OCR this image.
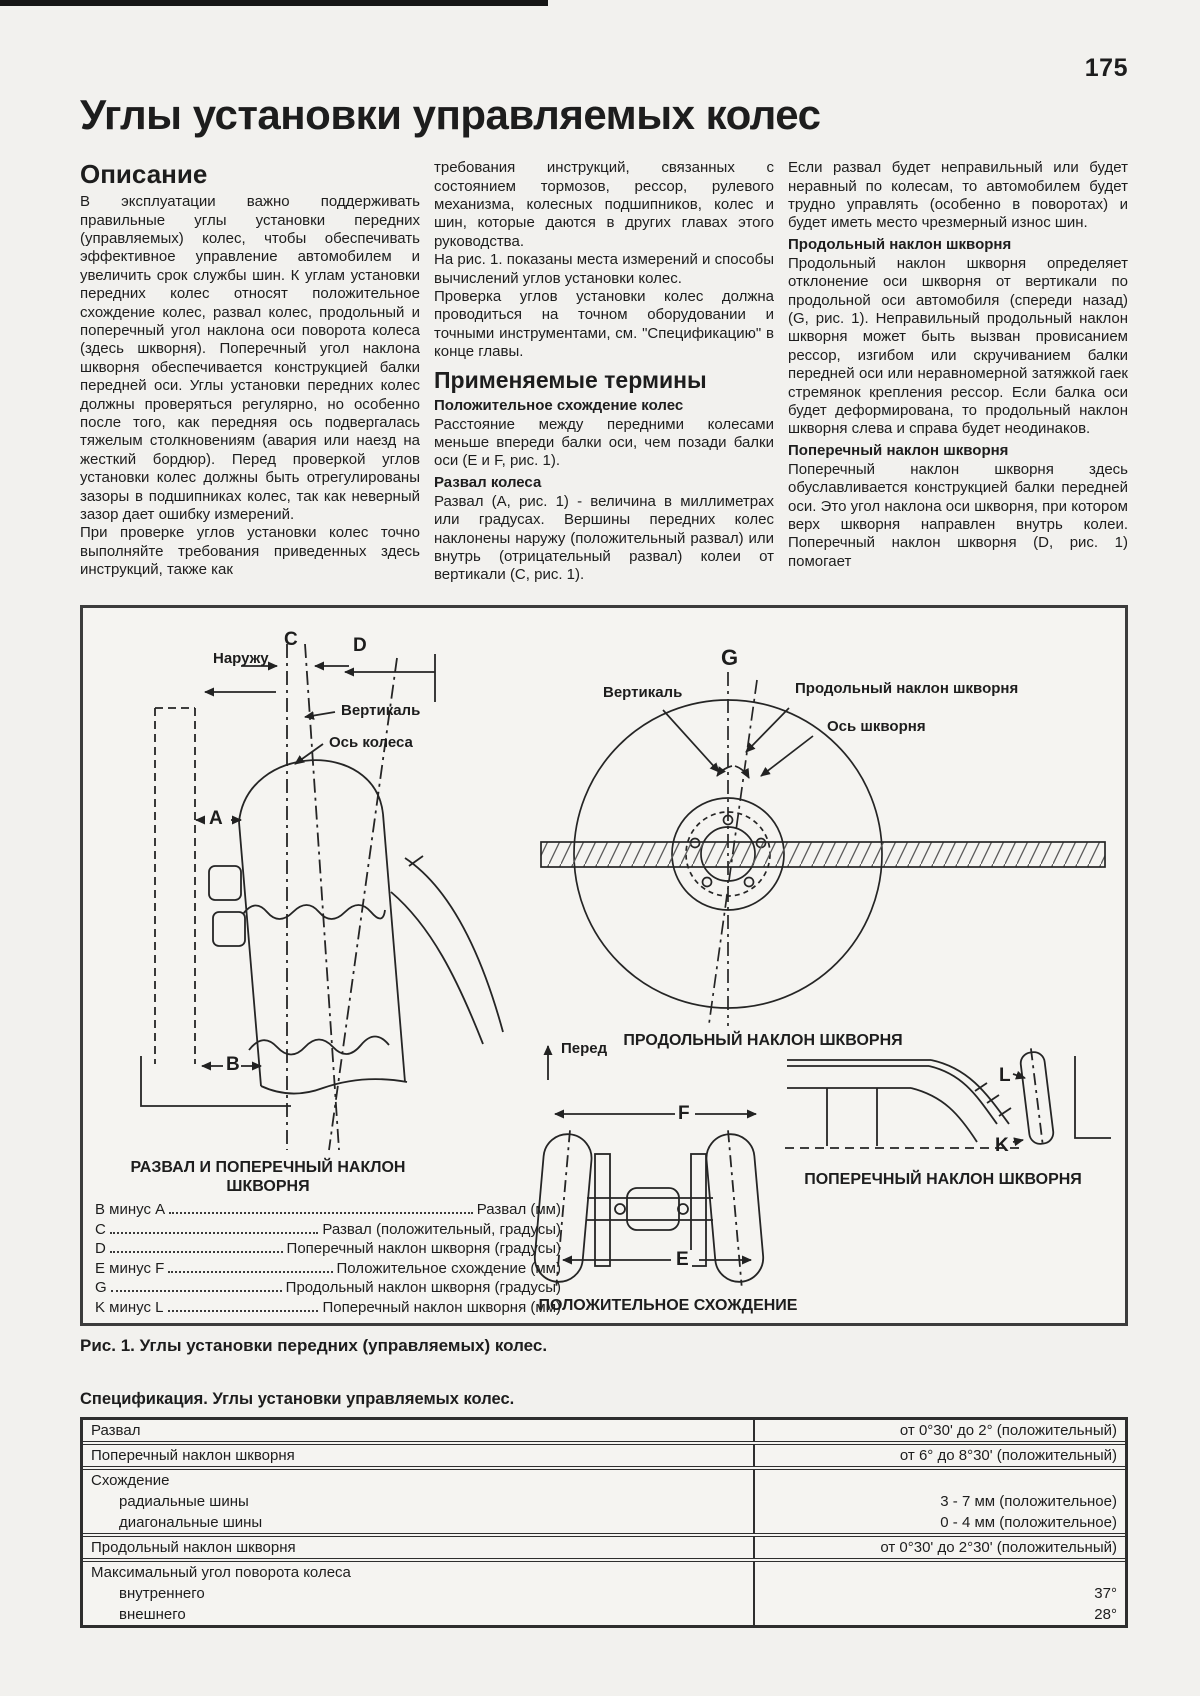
175
Углы установки управляемых колес
Описание

В эксплуатации важно поддерживать правильные углы установки передних (управляемых) колес, чтобы обеспечивать эффективное управление автомобилем и увеличить срок службы шин. К углам установки передних колес относят положительное схождение колес, развал колес, продольный и поперечный угол наклона оси поворота колеса (здесь шкворня). Поперечный угол наклона шкворня обеспечивается конструкцией балки передней оси. Углы установки передних колес должны проверяться регулярно, но особенно после того, как передняя ось подвергалась тяжелым столкновениям (авария или наезд на жесткий бордюр). Перед проверкой углов установки колес должны быть отрегулированы зазоры в подшипниках колес, так как неверный зазор дает ошибку измерений.

При проверке углов установки колес точно выполняйте требования приведенных здесь инструкций, также как

требования инструкций, связанных с состоянием тормозов, рессор, рулевого механизма, колесных подшипников, колес и шин, которые даются в других главах этого руководства.

На рис. 1. показаны места измерений и способы вычислений углов установки колес.

Проверка углов установки колес должна проводиться на точном оборудовании и точными инструментами, см. "Спецификацию" в конце главы.

Применяемые термины
Положительное схождение колес

Расстояние между передними колесами меньше впереди балки оси, чем позади балки оси (E и F, рис. 1).

Развал колеса

Развал (A, рис. 1) - величина в миллиметрах или градусах. Вершины передних колес наклонены наружу (положительный развал) или внутрь (отрицательный развал) колеи от вертикали (C, рис. 1).

Если развал будет неправильный или будет неравный по колесам, то автомобилем будет трудно управлять (особенно в поворотах) и будет иметь место чрезмерный износ шин.

Продольный наклон шкворня

Продольный наклон шкворня определяет отклонение оси шкворня от вертикали по продольной оси автомобиля (спереди назад) (G, рис. 1). Неправильный продольный наклон шкворня может быть вызван провисанием рессор, изгибом или скручиванием балки передней оси или неравномерной затяжкой гаек стремянок крепления рессор. Если балка оси будет деформирована, то продольный наклон шкворня слева и справа будет неодинаков.

Поперечный наклон шкворня

Поперечный наклон шкворня здесь обуславливается конструкцией балки передней оси. Это угол наклона оси шкворня, при котором верх шкворня направлен внутрь колеи. Поперечный наклон шкворня (D, рис. 1) помогает

Наружу
C	D
Вертикаль
Ось колеса
A
B
G
Вертикаль	Продольный наклон шкворня
Ось шкворня
Перед
F
E
L
K
РАЗВАЛ И ПОПЕРЕЧНЫЙ НАКЛОН ШКВОРНЯ
ПРОДОЛЬНЫЙ НАКЛОН ШКВОРНЯ
ПОЛОЖИТЕЛЬНОЕ СХОЖДЕНИЕ
ПОПЕРЕЧНЫЙ НАКЛОН ШКВОРНЯ
B минус A	Развал (мм)
C	Развал (положительный, градусы)
D	Поперечный наклон шкворня (градусы)
E минус F	Положительное схождение (мм)
G	Продольный наклон шкворня (градусы)
K минус L	Поперечный наклон шкворня (мм)

Рис. 1. Углы установки передних (управляемых) колес.

Спецификация. Углы установки управляемых колес.

Развал	от 0°30' до 2° (положительный)
Поперечный наклон шкворня	от 6° до 8°30' (положительный)
Схождение
радиальные шины	3 - 7 мм (положительное)
диагональные шины	0 - 4 мм (положительное)
Продольный наклон шкворня	от 0°30' до 2°30' (положительный)
Максимальный угол поворота колеса
внутреннего	37°
внешнего	28°
